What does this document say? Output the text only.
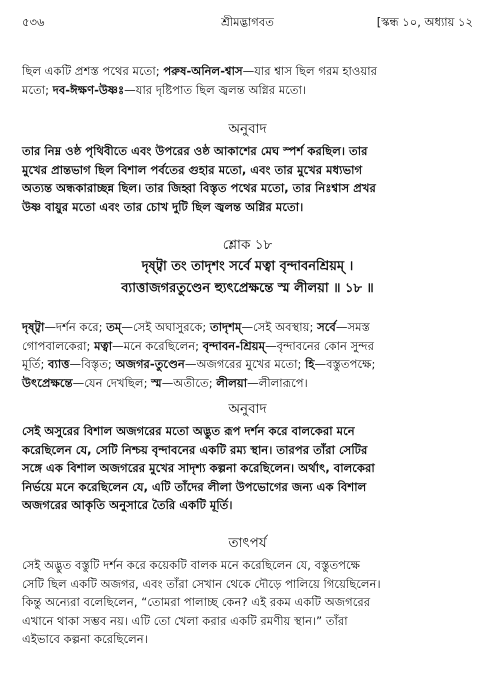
৫৩৬	শ্রীমদ্ভাগবত	[স্কন্ধ ১০, অধ্যায় ১২

ছিল একটি প্রশস্ত পথের মতো; পরুষ-অনিল-শ্বাস—যার শ্বাস ছিল গরম হাওয়ার

মতো; দব-ঈক্ষণ-উষ্ণঃ—যার দৃষ্টিপাত ছিল জ্বলন্ত অগ্নির মতো।

অনুবাদ

তার নিম্ন ওষ্ঠ পৃথিবীতে এবং উপরের ওষ্ঠ আকাশের মেঘ স্পর্শ করছিল। তার

মুখের প্রান্তভাগ ছিল বিশাল পর্বতের গুহার মতো, এবং তার মুখের মধ্যভাগ

অত্যন্ত অন্ধকারাচ্ছন্ন ছিল। তার জিহ্বা বিস্তৃত পথের মতো, তার নিঃশ্বাস প্রখর

উষ্ণ বায়ুর মতো এবং তার চোখ দুটি ছিল জ্বলন্ত অগ্নির মতো।

শ্লোক ১৮

দৃষ্ট্বা তং তাদৃশং সর্বে মত্বা বৃন্দাবনশ্রিয়ম্ ।

ব্যাত্তাজগরতুণ্ডেন হ্যুৎপ্রেক্ষন্তে স্ম লীলয়া ॥ ১৮ ॥

দৃষ্ট্বা—দর্শন করে; তম্—সেই অঘাসুরকে; তাদৃশম্—সেই অবস্থায়; সর্বে—সমস্ত

গোপবালকেরা; মত্বা—মনে করেছিলেন; বৃন্দাবন-শ্রিয়ম্—বৃন্দাবনের কোন সুন্দর

মূর্তি; ব্যাত্ত—বিস্তৃত; অজগর-তুণ্ডেন—অজগরের মুখের মতো; হি—বস্তুতপক্ষে;

উৎপ্রেক্ষন্তে—যেন দেখছিল; স্ম—অতীতে; লীলয়া—লীলারূপে।

অনুবাদ

সেই অসুরের বিশাল অজগরের মতো অদ্ভুত রূপ দর্শন করে বালকেরা মনে

করেছিলেন যে, সেটি নিশ্চয় বৃন্দাবনের একটি রম্য স্থান। তারপর তাঁরা সেটির

সঙ্গে এক বিশাল অজগরের মুখের সাদৃশ্য কল্পনা করেছিলেন। অর্থাৎ, বালকেরা

নির্ভয়ে মনে করেছিলেন যে, এটি তাঁদের লীলা উপভোগের জন্য এক বিশাল

অজগরের আকৃতি অনুসারে তৈরি একটি মূর্তি।

তাৎপর্য

সেই অদ্ভুত বস্তুটি দর্শন করে কয়েকটি বালক মনে করেছিলেন যে, বস্তুতপক্ষে

সেটি ছিল একটি অজগর, এবং তাঁরা সেখান থেকে দৌড়ে পালিয়ে গিয়েছিলেন।

কিন্তু অন্যেরা বলেছিলেন, “তোমরা পালাচ্ছ কেন? এই রকম একটি অজগরের

এখানে থাকা সম্ভব নয়। এটি তো খেলা করার একটি রমণীয় স্থান।” তাঁরা

এইভাবে কল্পনা করেছিলেন।
